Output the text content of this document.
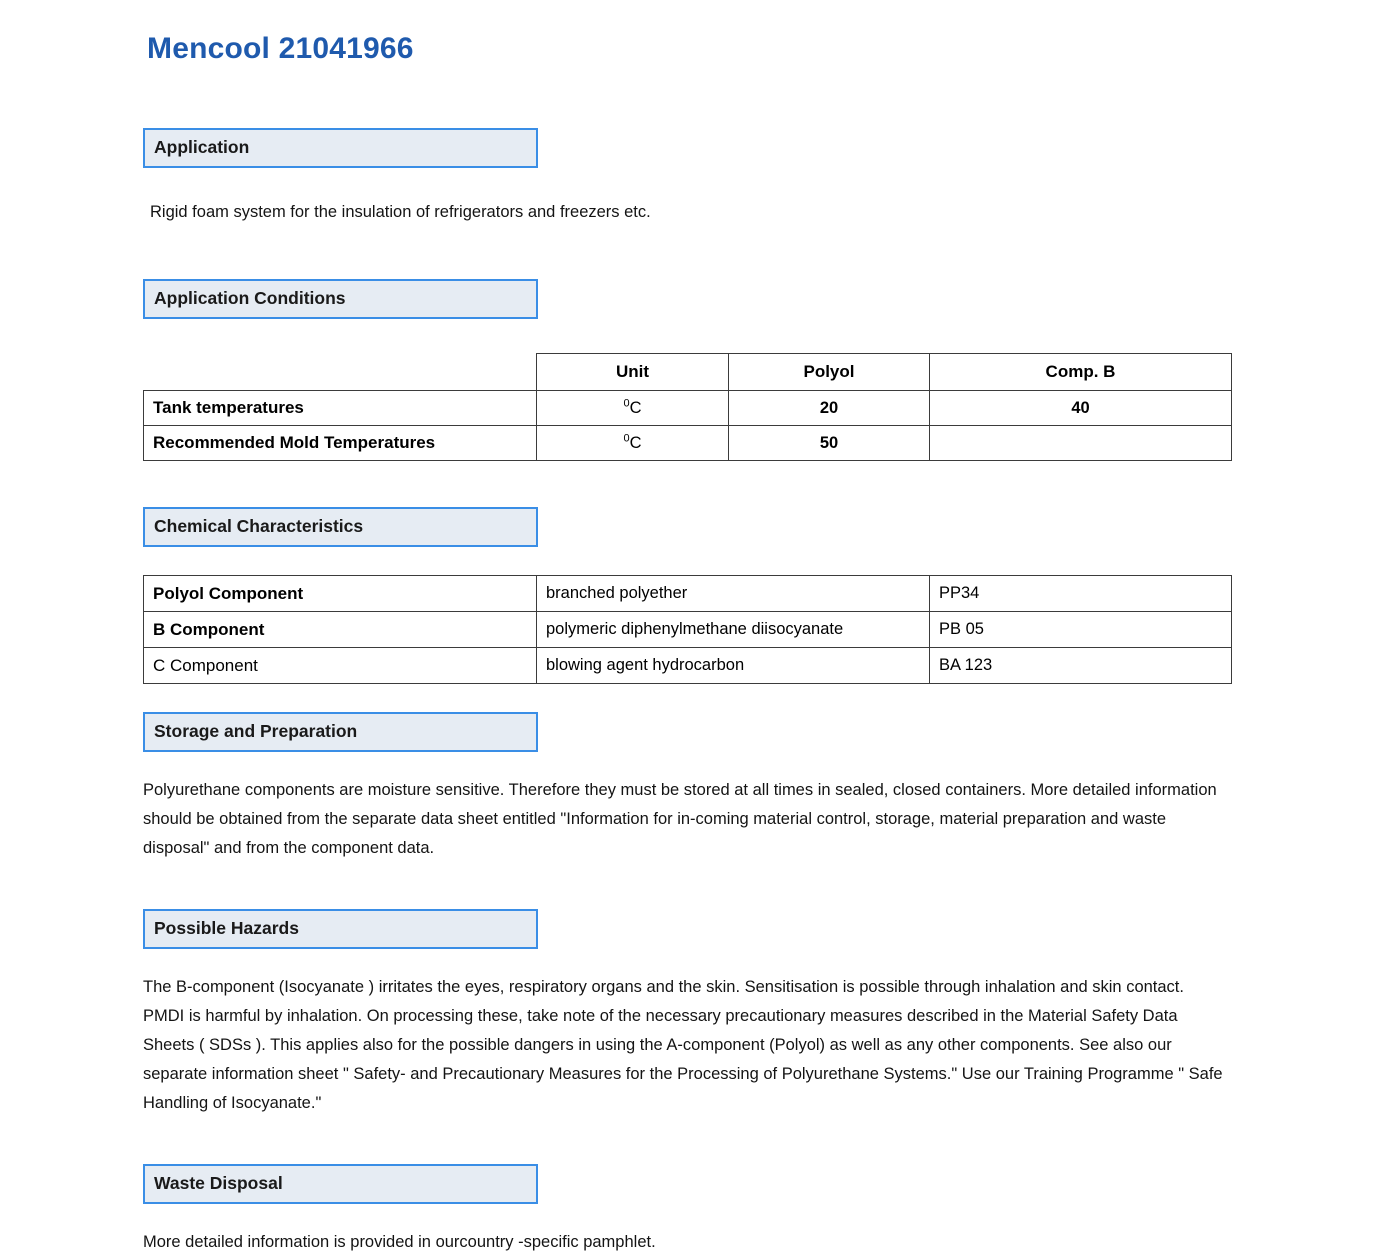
Mencool 21041966
Application

Rigid foam system for the insulation of refrigerators and freezers etc.

Application Conditions
	Unit	Polyol	Comp. B
Tank temperatures	$^0$C	20	40
Recommended Mold Temperatures	$^0$C	50	
Chemical Characteristics
Polyol Component	branched polyether	PP34
B Component	polymeric diphenylmethane diisocyanate	PB 05
C Component	blowing agent hydrocarbon	BA 123
Storage and Preparation

Polyurethane components are moisture sensitive. Therefore they must be stored at all times in sealed, closed containers. More detailed information should be obtained from the separate data sheet entitled "Information for in-coming material control, storage, material preparation and waste disposal" and from the component data.

Possible Hazards

The B-component (Isocyanate ) irritates the eyes, respiratory organs and the skin. Sensitisation is possible through inhalation and skin contact. PMDI is harmful by inhalation. On processing these, take note of the necessary precautionary measures described in the Material Safety Data Sheets ( SDSs ). This applies also for the possible dangers in using the A-component (Polyol) as well as any other components. See also our separate information sheet " Safety- and Precautionary Measures for the Processing of Polyurethane Systems." Use our Training Programme " Safe Handling of Isocyanate."

Waste Disposal

More detailed information is provided in ourcountry -specific pamphlet.
